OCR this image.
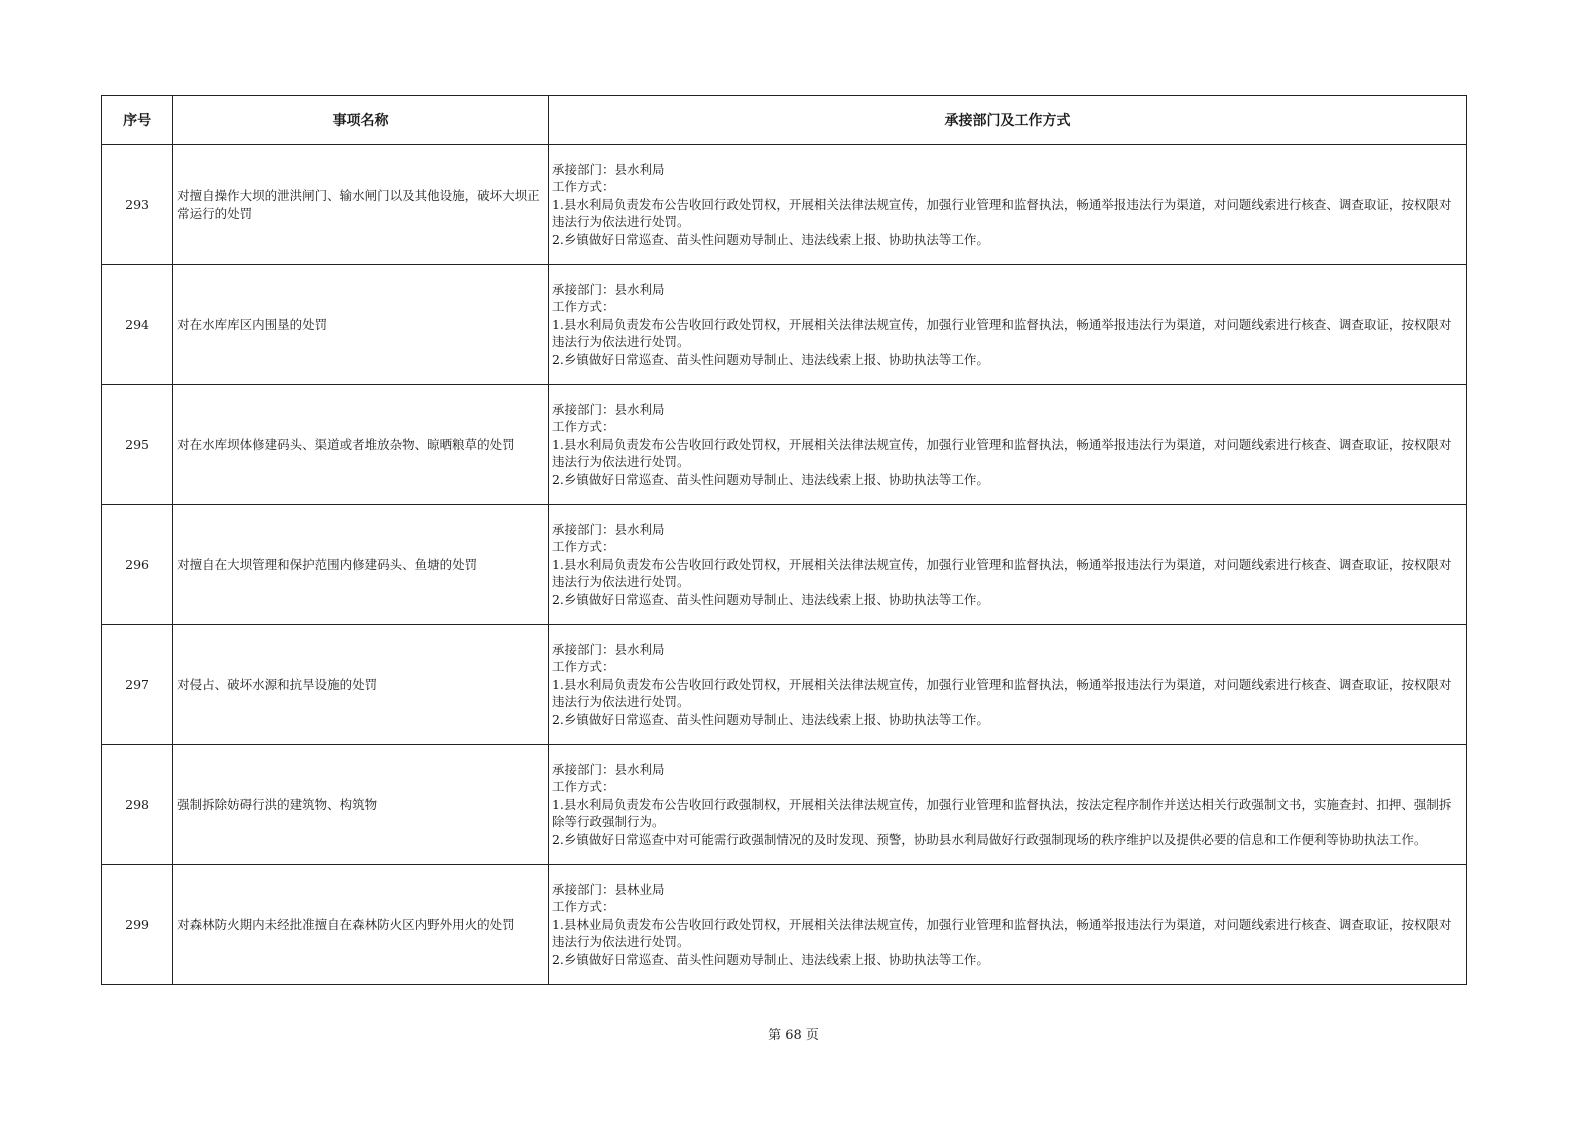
序号	事项名称	承接部门及工作方式
293	对擅自操作大坝的泄洪闸门、输水闸门以及其他设施，破坏大坝正常运行的处罚	承接部门：县水利局
工作方式：
1.县水利局负责发布公告收回行政处罚权，开展相关法律法规宣传，加强行业管理和监督执法，畅通举报违法行为渠道，对问题线索进行核查、调查取证，按权限对违法行为依法进行处罚。
2.乡镇做好日常巡查、苗头性问题劝导制止、违法线索上报、协助执法等工作。

294	对在水库库区内围垦的处罚	承接部门：县水利局
工作方式：
1.县水利局负责发布公告收回行政处罚权，开展相关法律法规宣传，加强行业管理和监督执法，畅通举报违法行为渠道，对问题线索进行核查、调查取证，按权限对违法行为依法进行处罚。
2.乡镇做好日常巡查、苗头性问题劝导制止、违法线索上报、协助执法等工作。

295	对在水库坝体修建码头、渠道或者堆放杂物、晾晒粮草的处罚	承接部门：县水利局
工作方式：
1.县水利局负责发布公告收回行政处罚权，开展相关法律法规宣传，加强行业管理和监督执法，畅通举报违法行为渠道，对问题线索进行核查、调查取证，按权限对违法行为依法进行处罚。
2.乡镇做好日常巡查、苗头性问题劝导制止、违法线索上报、协助执法等工作。

296	对擅自在大坝管理和保护范围内修建码头、鱼塘的处罚	承接部门：县水利局
工作方式：
1.县水利局负责发布公告收回行政处罚权，开展相关法律法规宣传，加强行业管理和监督执法，畅通举报违法行为渠道，对问题线索进行核查、调查取证，按权限对违法行为依法进行处罚。
2.乡镇做好日常巡查、苗头性问题劝导制止、违法线索上报、协助执法等工作。

297	对侵占、破坏水源和抗旱设施的处罚	承接部门：县水利局
工作方式：
1.县水利局负责发布公告收回行政处罚权，开展相关法律法规宣传，加强行业管理和监督执法，畅通举报违法行为渠道，对问题线索进行核查、调查取证，按权限对违法行为依法进行处罚。
2.乡镇做好日常巡查、苗头性问题劝导制止、违法线索上报、协助执法等工作。

298	强制拆除妨碍行洪的建筑物、构筑物	承接部门：县水利局
工作方式：
1.县水利局负责发布公告收回行政强制权，开展相关法律法规宣传，加强行业管理和监督执法，按法定程序制作并送达相关行政强制文书，实施查封、扣押、强制拆除等行政强制行为。
2.乡镇做好日常巡查中对可能需行政强制情况的及时发现、预警，协助县水利局做好行政强制现场的秩序维护以及提供必要的信息和工作便利等协助执法工作。

299	对森林防火期内未经批准擅自在森林防火区内野外用火的处罚	承接部门：县林业局
工作方式：
1.县林业局负责发布公告收回行政处罚权，开展相关法律法规宣传，加强行业管理和监督执法，畅通举报违法行为渠道，对问题线索进行核查、调查取证，按权限对违法行为依法进行处罚。
2.乡镇做好日常巡查、苗头性问题劝导制止、违法线索上报、协助执法等工作。
第 68 页
